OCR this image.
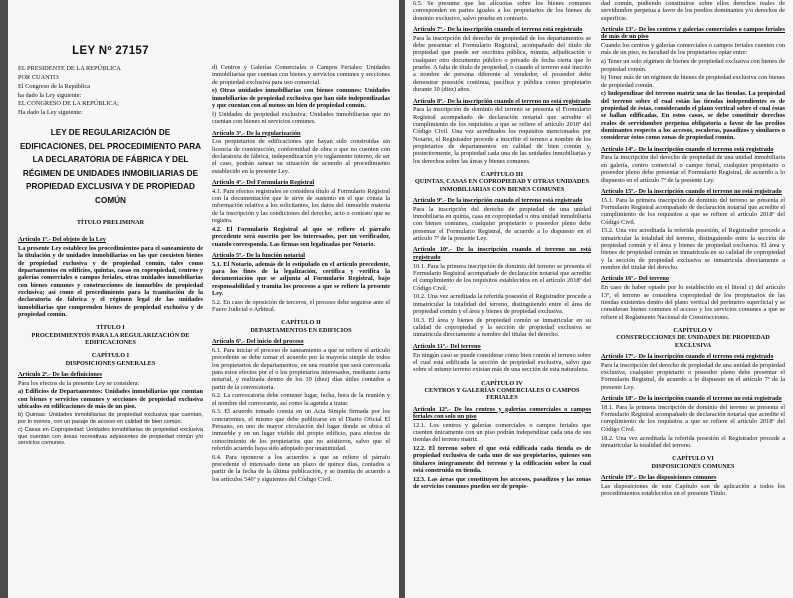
LEY Nº 27157

EL PRESIDENTE DE LA REPÚBLICA

POR CUANTO:

El Congreso de la República

ha dado la Ley siguiente:

EL CONGRESO DE LA REPÚBLICA;

Ha dado la Ley siguiente:

LEY DE REGULARIZACIÓN DE EDIFICACIONES, DEL PROCEDIMIENTO PARA LA DECLARATORIA DE FÁBRICA Y DEL RÉGIMEN DE UNIDADES INMOBILIARIAS DE PROPIEDAD EXCLUSIVA Y DE PROPIEDAD COMÚN

TÍTULO PRELIMINAR

Artículo 1º.- Del objeto de la Ley

La presente Ley establece los procedimientos para el saneamiento de la titulación y de unidades inmobiliarias en las que coexisten bienes de propiedad exclusiva y de propiedad común, tales como departamentos en edificios, quintas, casas en copropiedad, centros y galerías comerciales o campos feriales, otras unidades inmobiliarias con bienes comunes y construcciones de inmuebles de propiedad exclusiva; así como el procedimiento para la tramitación de la declaratoria de fábrica y el régimen legal de las unidades inmobiliarias que comprenden bienes de propiedad exclusiva y de propiedad común.

TÍTULO I
PROCEDIMIENTOS PARA LA REGULARIZACIÓN DE EDIFICACIONES
CAPÍTULO I
DISPOSICIONES GENERALES

Artículo 2º.- De las definiciones

Para los efectos de la presente Ley se considera:

a) Edificios de Departamentos: Unidades inmobiliarias que cuentan con bienes y servicios comunes y secciones de propiedad exclusiva ubicados en edificaciones de más de un piso.

b) Quintas: Unidades inmobiliarias de propiedad exclusiva que cuentan, por lo menos, con un pasaje de acceso en calidad de bien común.

c) Casas en Copropiedad: Unidades inmobiliarias de propiedad exclusiva que cuentan con áreas recreativas adyacentes de propiedad común y/o servicios comunes.

d) Centros y Galerías Comerciales o Campos Feriales: Unidades inmobiliarias que cuentan con bienes y servicios comunes y secciones de propiedad exclusiva para uso comercial.

e) Otras unidades inmobiliarias con bienes comunes: Unidades inmobiliarias de propiedad exclusiva que han sido independizadas y que cuentan con al menos un bien de propiedad común.

f) Unidades de propiedad exclusiva: Unidades inmobiliarias que no cuentan con bienes ni servicios comunes.

Artículo 3º.- De la regularización

Los propietarios de edificaciones que hayan sido construidas sin licencia de construcción, conformidad de obra o que no cuenten con declaratoria de fábrica, independización y/o reglamento interno, de ser el caso, podrán sanear su situación de acuerdo al procedimiento establecido en la presente Ley.

Artículo 4º.- Del Formulario Registral

4.1. Para efectos registrales se considera título al Formulario Registral con la documentación que le sirve de sustento en el que consta la información relativa a los solicitantes, los datos del inmueble materia de la inscripción y las condiciones del derecho, acto o contrato que se registra.

4.2. El Formulario Registral al que se refiere el párrafo precedente será suscrito por los interesados, por un verificador, cuando corresponda. Las firmas son legalizadas por Notario.

Artículo 5º.- De la función notarial

5.1. El Notario, además de lo estipulado en el artículo precedente, para los fines de la legalización, certifica y verifica la documentación que se adjunta al Formulario Registral, bajo responsabilidad y tramita los procesos a que se refiere la presente Ley.

5.2. En caso de oposición de terceros, el proceso debe seguirse ante el Fuero Judicial o Arbitral.

CAPÍTULO II
DEPARTAMENTOS EN EDIFICIOS

Artículo 6º.- Del inicio del proceso

6.1. Para iniciar el proceso de saneamiento a que se refiere el artículo precedente se debe tomar el acuerdo por la mayoría simple de todos los propietarios de departamentos, en una reunión que será convocada para estos efectos por el o los propietarios interesados, mediante carta notarial, y realizada dentro de los 10 (diez) días útiles contados a partir de la convocatoria.

6.2. La convocatoria debe contener lugar, fecha, hora de la reunión y el nombre del convocante, así como la agenda a tratar.

6.3. El acuerdo tomado consta en un Acta Simple firmada por los concurrentes, el mismo que debe publicarse en el Diario Oficial El Peruano, en uno de mayor circulación del lugar donde se ubica el inmueble y en un lugar visible del propio edificio, para efectos de conocimiento de los propietarios que no asistieron, salvo que el referido acuerdo haya sido adoptado por unanimidad.

6.4. Para oponerse a los acuerdos a que se refiere el párrafo precedente el interesado tiene un plazo de quince días, contados a partir de la fecha de la última publicación, y se tramita de acuerdo a los artículos 546º y siguientes del Código Civil.

6.5. Se presume que las alícuotas sobre los bienes comunes corresponden en partes iguales a los propietarios de los bienes de dominio exclusivo, salvo prueba en contrario.

Artículo 7º.- De la inscripción cuando el terreno está registrado

Para la inscripción del derecho de propiedad de los departamentos se debe presentar el Formulario Registral, acompañado del título de propiedad que puede ser escritura pública, minuta, adjudicación o cualquier otro documento público o privado de fecha cierta que lo pruebe. A falta de título de propiedad, o cuando el terreno esté inscrito a nombre de persona diferente al vendedor, el poseedor debe demostrar posesión continua, pacífica y pública como propietario durante 10 (diez) años.

Artículo 8º.- De la inscripción cuando el terreno no está registrado

Para la inscripción de dominio del terreno se presenta el Formulario Registral acompañado de declaración notarial que acredite el cumplimiento de los requisitos a que se refiere el artículo 2018º del Código Civil. Una vez acreditados los requisitos mencionados por Notario, el Registrador procede a inscribir el terreno a nombre de los propietarios de departamentos en calidad de bien común y, posteriormente, la propiedad cada una de las unidades inmobiliarias y los derechos sobre las áreas y bienes comunes.

CAPÍTULO III
QUINTAS, CASAS EN COPROPIEDAD Y OTRAS UNIDADES INMOBILIARIAS CON BIENES COMUNES

Artículo 9º.- De la inscripción cuando el terreno está registrado

Para la inscripción del derecho de propiedad de una unidad inmobiliaria en quinta, casa en copropiedad u otra unidad inmobiliaria con bienes comunes, cualquier propietario o poseedor pleno debe presentar el Formulario Registral, de acuerdo a lo dispuesto en el artículo 7º de la presente Ley.

Artículo 10º.- De la inscripción cuando el terreno no está registrado

10.1. Para la primera inscripción de dominio del terreno se presenta el Formulario Registral acompañado de declaración notarial que acredite el cumplimiento de los requisitos establecidos en el artículo 2018º del Código Civil.

10.2. Una vez acreditada la referida posesión el Registrador procede a inmatricular la totalidad del terreno, distinguiendo entre el área de propiedad común y el área y bienes de propiedad exclusiva.

10.3. El área y bienes de propiedad común se inmatricular en su calidad de copropiedad y la sección de propiedad exclusiva se inmatricula directamente a nombre del titular del derecho.

Artículo 11º.- Del terreno

En ningún caso se puede considerar como bien común el terreno sobre el cual está edificada la sección de propiedad exclusiva, salvo que sobre el mismo terreno existan más de una sección de esta naturaleza.

CAPÍTULO IV
CENTROS Y GALERÍAS COMERCIALES O CAMPOS FERIALES

Artículo 12º.- De los centros y galerías comerciales o campos feriales con solo un piso

12.1. Los centros y galerías comerciales o campos feriales que cuenten únicamente con un piso podrán independizar cada una de sus tiendas del terreno matriz.

12.2. El terreno sobre el que está edificada cada tienda es de propiedad exclusiva de cada uno de sus propietarios, quienes son titulares íntegramente del terreno y la edificación sobre la cual está construida en tienda.

12.3. Las áreas que constituyen los accesos, pasadizos y las zonas de servicios comunes pueden ser de propie-

dad común, pudiendo constituirse sobre ellos derechos reales de servidumbre perpetua a favor de los predios dominantes y/o derechos de superficie.

Artículo 13º.- De los centros y galerías comerciales o campos feriales de más de un piso

Cuando los centros y galerías comerciales o campos feriales cuenten con más de un piso, es facultad de los propietarios optar entre:

a) Tener un solo régimen de bienes de propiedad exclusiva con bienes de propiedad común.

b) Tener más de un régimen de bienes de propiedad exclusiva con bienes de propiedad común.

c) Independizar del terreno matriz una de las tiendas. La propiedad del terreno sobre el cual están las tiendas independientes es de propiedad de éstas, considerando el plano vertical sobre el cual éstas se hallan edificadas. En estos casos, se debe constituir derechos reales de servidumbre perpetua obligatoria a favor de las predios dominantes respecto a los accesos, escaleras, pasadizos y similares o considerar éstos como zonas de propiedad común.

Artículo 14º.- De la inscripción cuando el terreno está registrado

Para la inscripción del derecho de propiedad de una unidad inmobiliaria en galería, centro comercial o campo ferial, cualquier propietario o poseedor pleno debe presentar el Formulario Registral, de acuerdo a lo dispuesto en el artículo 7º de la presente Ley.

Artículo 15º.- De la inscripción cuando el terreno no está registrado

15.1. Para la primera inscripción de dominio del terreno se presenta el Formulario Registral acompañado de declaración notarial que acredite el cumplimiento de los requisitos a que se refiere el artículo 2018º del Código Civil.

15.2. Una vez acreditada la referida posesión, el Registrador procede a inmatricular la totalidad del terreno, distinguiendo entre la sección de propiedad común y el área y bienes de propiedad exclusiva. El área y bienes de propiedad común se inmatricula en su calidad de copropiedad y la sección de propiedad exclusiva se inmatricula directamente a nombre del titular del derecho.

Artículo 16º.- Del terreno

En caso de haber optado por lo establecido en el literal c) del artículo 13º, el terreno se considera copropiedad de los propietarios de las tiendas existentes dentro del plano vertical del perímetro superficial y se consideran bienes comunes el acceso y los servicios comunes a que se refiere el Reglamento Nacional de Construcciones.

CAPÍTULO V
CONSTRUCCIONES DE UNIDADES DE PROPIEDAD EXCLUSIVA

Artículo 17º.- De la inscripción cuando el terreno está registrado

Para la inscripción del derecho de propiedad de una unidad de propiedad exclusiva, cualquier propietario o poseedor pleno debe presentar el Formulario Registral, de acuerdo a lo dispuesto en el artículo 7º de la presente Ley.

Artículo 18º.- De la inscripción cuando el terreno no está registrado

18.1. Para la primera inscripción de dominio del terreno se presenta el Formulario Registral acompañado de declaración notarial que acredite el cumplimiento de los requisitos a que se refiere el artículo 2018º del Código Civil.

18.2. Una vez acreditada la referida posesión el Registrador procede a inmatricular la totalidad del terreno.

CAPÍTULO VI
DISPOSICIONES COMUNES

Artículo 19º.- De las disposiciones comunes

Las disposiciones de este Capítulo son de aplicación a todos los procedimientos establecidos en el presente Título.
